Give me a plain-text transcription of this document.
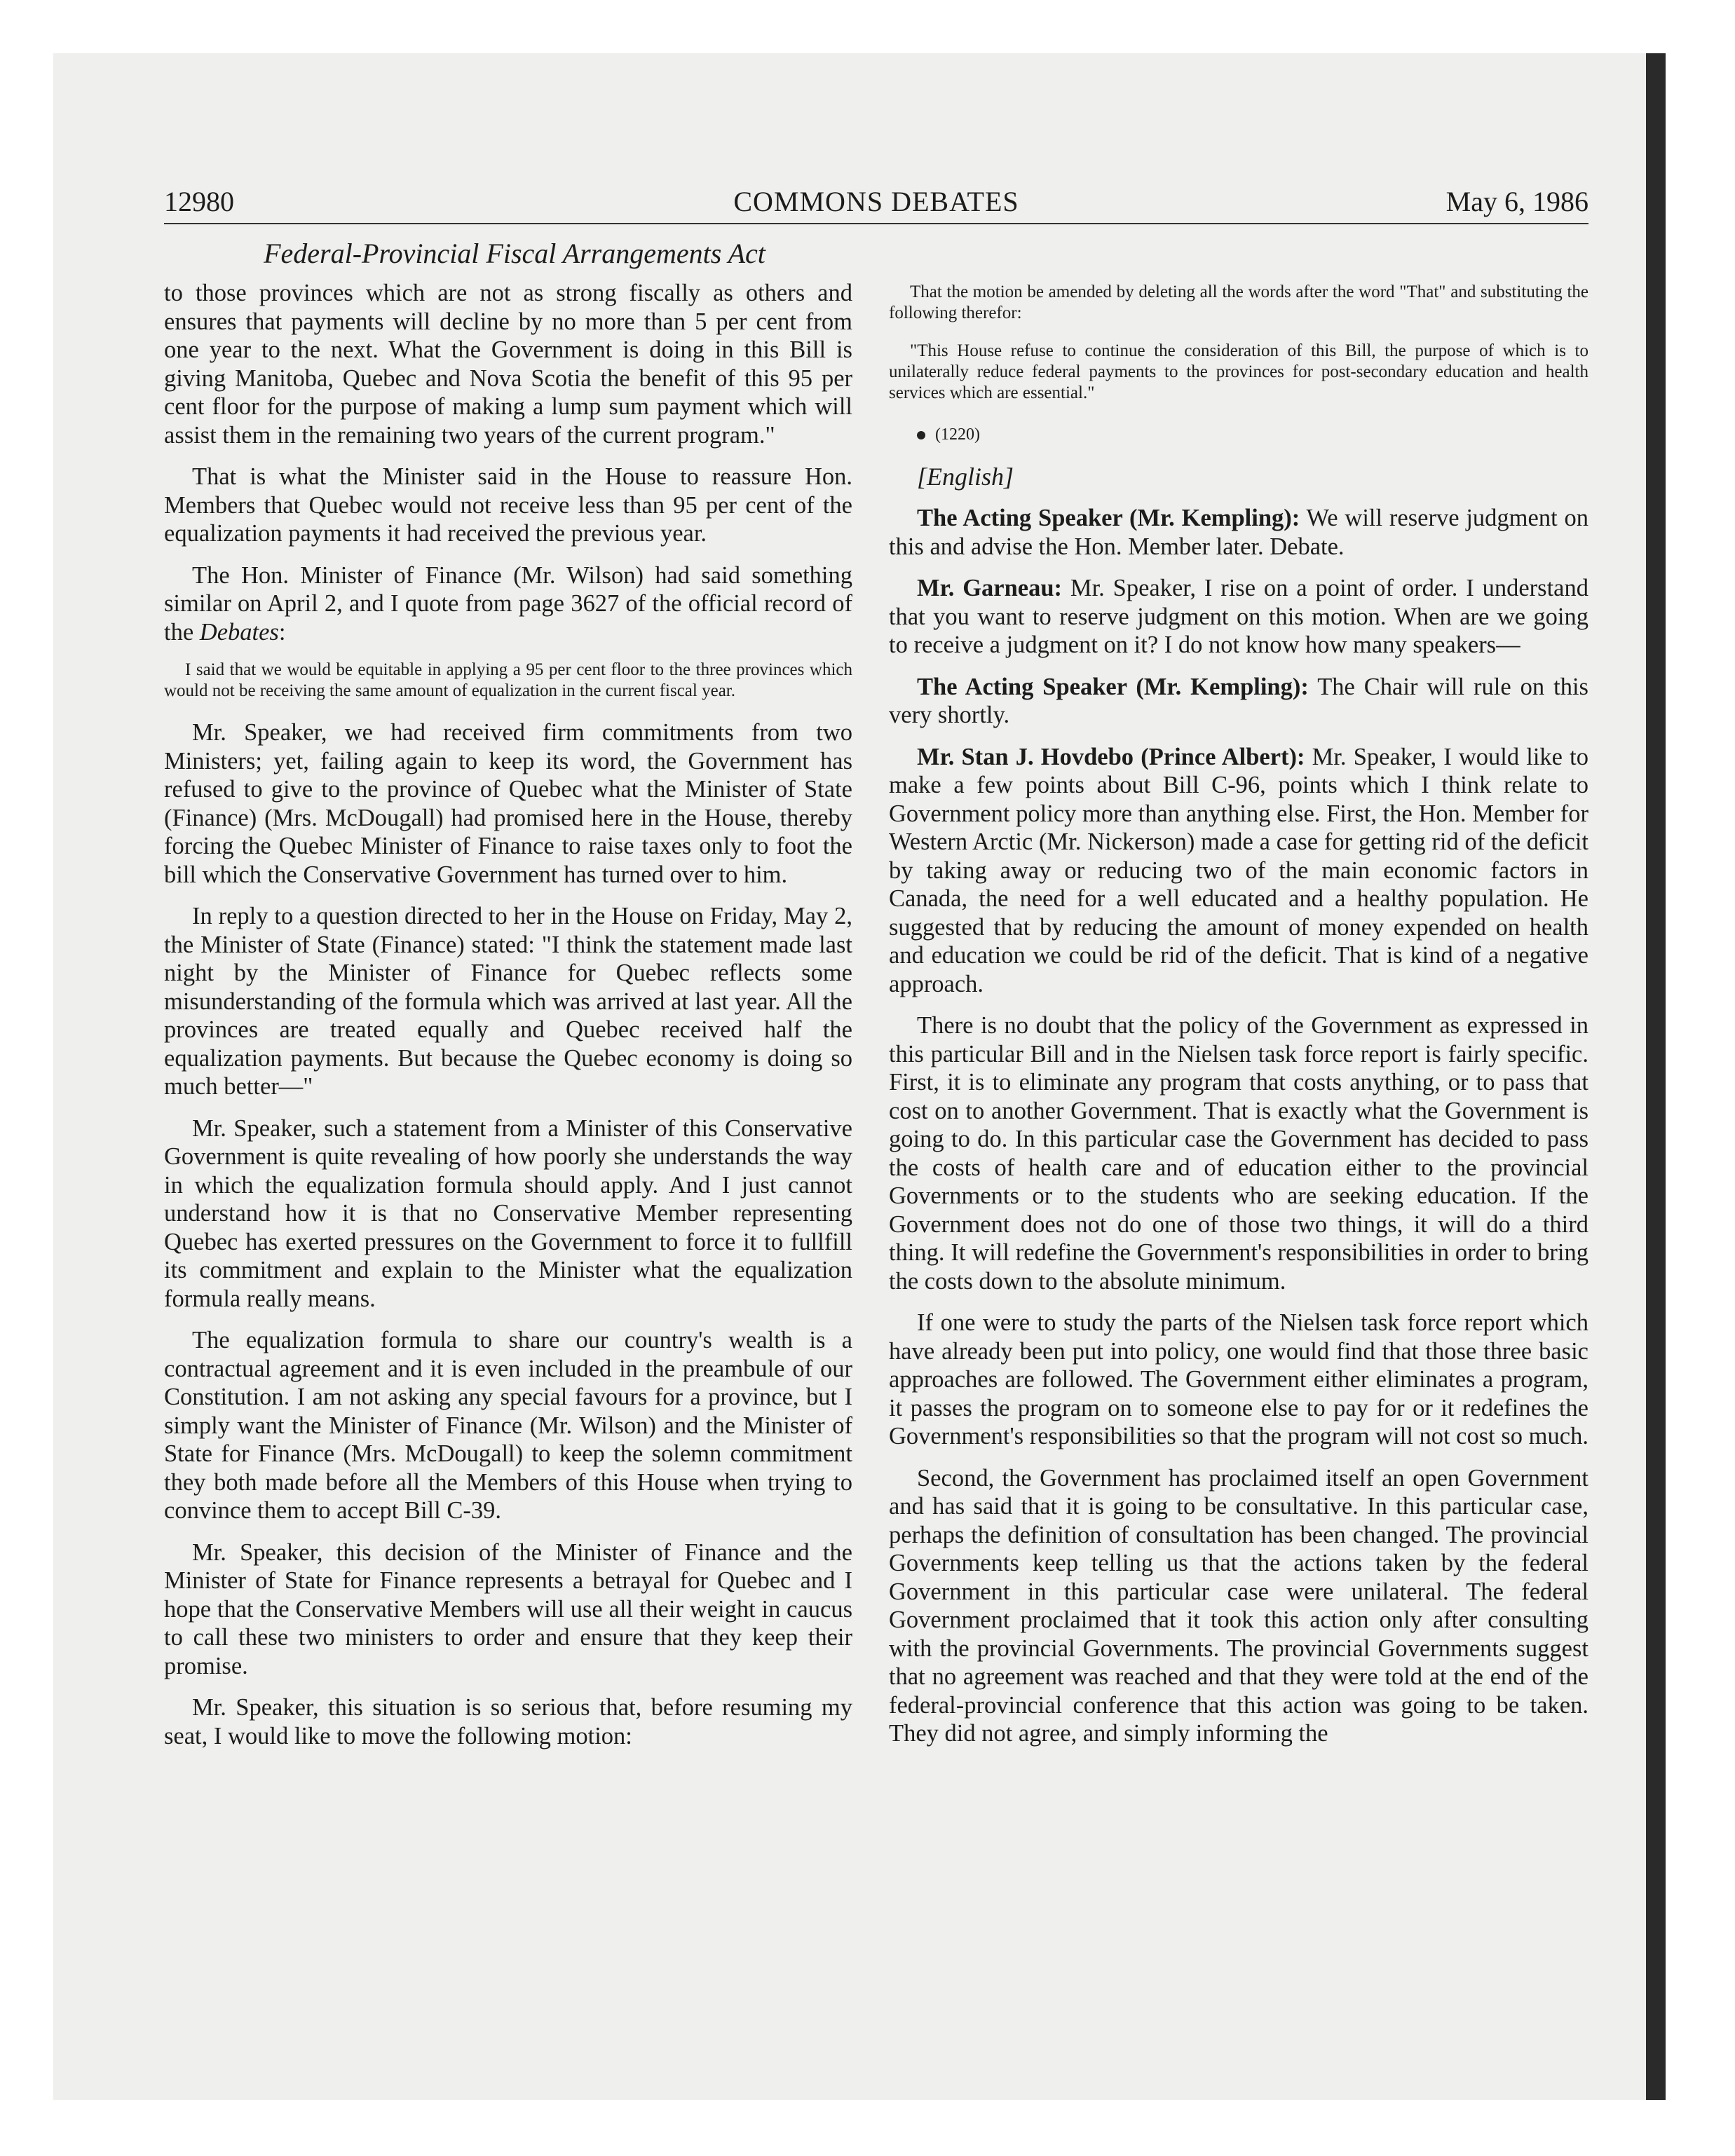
12980	COMMONS DEBATES	May 6, 1986
Federal-Provincial Fiscal Arrangements Act

to those provinces which are not as strong fiscally as others and ensures that payments will decline by no more than 5 per cent from one year to the next. What the Government is doing in this Bill is giving Manitoba, Quebec and Nova Scotia the benefit of this 95 per cent floor for the purpose of making a lump sum payment which will assist them in the remaining two years of the current program."

That is what the Minister said in the House to reassure Hon. Members that Quebec would not receive less than 95 per cent of the equalization payments it had received the previous year.

The Hon. Minister of Finance (Mr. Wilson) had said something similar on April 2, and I quote from page 3627 of the official record of the Debates:

I said that we would be equitable in applying a 95 per cent floor to the three provinces which would not be receiving the same amount of equalization in the current fiscal year.

Mr. Speaker, we had received firm commitments from two Ministers; yet, failing again to keep its word, the Government has refused to give to the province of Quebec what the Minister of State (Finance) (Mrs. McDougall) had promised here in the House, thereby forcing the Quebec Minister of Finance to raise taxes only to foot the bill which the Conservative Government has turned over to him.

In reply to a question directed to her in the House on Friday, May 2, the Minister of State (Finance) stated: "I think the statement made last night by the Minister of Finance for Quebec reflects some misunderstanding of the formula which was arrived at last year. All the provinces are treated equally and Quebec received half the equalization payments. But because the Quebec economy is doing so much better—"

Mr. Speaker, such a statement from a Minister of this Conservative Government is quite revealing of how poorly she understands the way in which the equalization formula should apply. And I just cannot understand how it is that no Conservative Member representing Quebec has exerted pressures on the Government to force it to fullfill its commitment and explain to the Minister what the equalization formula really means.

The equalization formula to share our country's wealth is a contractual agreement and it is even included in the preambule of our Constitution. I am not asking any special favours for a province, but I simply want the Minister of Finance (Mr. Wilson) and the Minister of State for Finance (Mrs. McDougall) to keep the solemn commitment they both made before all the Members of this House when trying to convince them to accept Bill C-39.

Mr. Speaker, this decision of the Minister of Finance and the Minister of State for Finance represents a betrayal for Quebec and I hope that the Conservative Members will use all their weight in caucus to call these two ministers to order and ensure that they keep their promise.

Mr. Speaker, this situation is so serious that, before resuming my seat, I would like to move the following motion:

That the motion be amended by deleting all the words after the word "That" and substituting the following therefor:

"This House refuse to continue the consideration of this Bill, the purpose of which is to unilaterally reduce federal payments to the provinces for post-secondary education and health services which are essential."

(1220)

[English]

The Acting Speaker (Mr. Kempling): We will reserve judgment on this and advise the Hon. Member later. Debate.

Mr. Garneau: Mr. Speaker, I rise on a point of order. I understand that you want to reserve judgment on this motion. When are we going to receive a judgment on it? I do not know how many speakers—

The Acting Speaker (Mr. Kempling): The Chair will rule on this very shortly.

Mr. Stan J. Hovdebo (Prince Albert): Mr. Speaker, I would like to make a few points about Bill C-96, points which I think relate to Government policy more than anything else. First, the Hon. Member for Western Arctic (Mr. Nickerson) made a case for getting rid of the deficit by taking away or reducing two of the main economic factors in Canada, the need for a well educated and a healthy population. He suggested that by reducing the amount of money expended on health and education we could be rid of the deficit. That is kind of a negative approach.

There is no doubt that the policy of the Government as expressed in this particular Bill and in the Nielsen task force report is fairly specific. First, it is to eliminate any program that costs anything, or to pass that cost on to another Government. That is exactly what the Government is going to do. In this particular case the Government has decided to pass the costs of health care and of education either to the provincial Governments or to the students who are seeking education. If the Government does not do one of those two things, it will do a third thing. It will redefine the Government's responsibilities in order to bring the costs down to the absolute minimum.

If one were to study the parts of the Nielsen task force report which have already been put into policy, one would find that those three basic approaches are followed. The Government either eliminates a program, it passes the program on to someone else to pay for or it redefines the Government's responsibilities so that the program will not cost so much.

Second, the Government has proclaimed itself an open Government and has said that it is going to be consultative. In this particular case, perhaps the definition of consultation has been changed. The provincial Governments keep telling us that the actions taken by the federal Government in this particular case were unilateral. The federal Government proclaimed that it took this action only after consulting with the provincial Governments. The provincial Governments suggest that no agreement was reached and that they were told at the end of the federal-provincial conference that this action was going to be taken. They did not agree, and simply informing the
